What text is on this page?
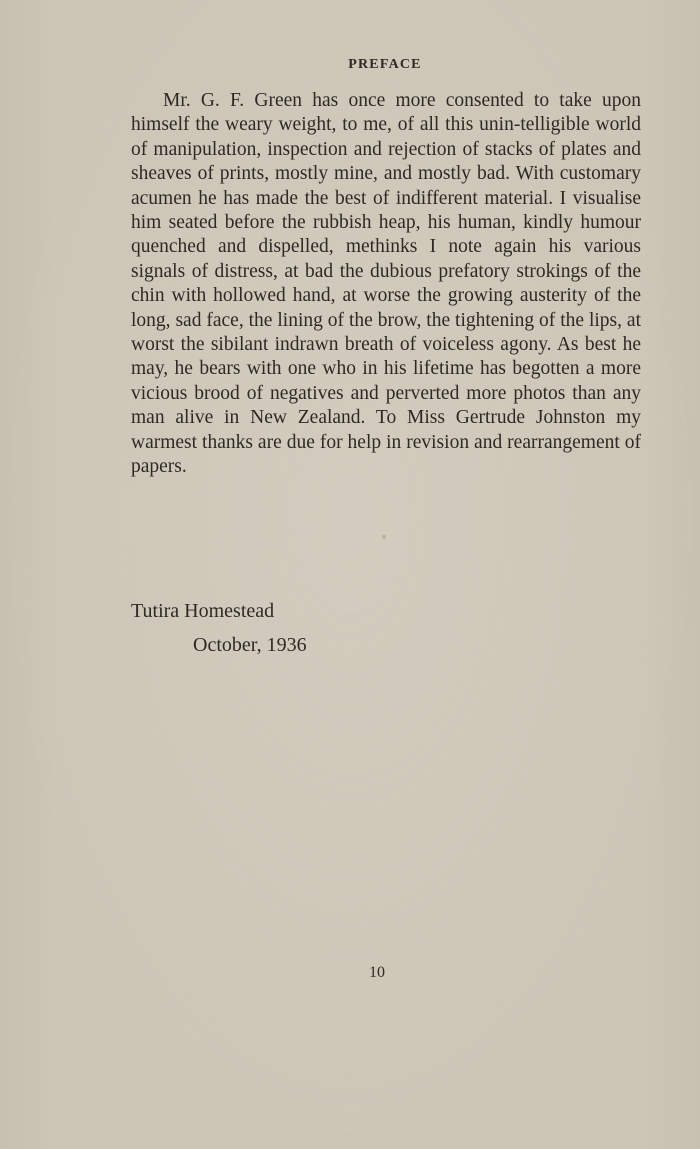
PREFACE

Mr. G. F. Green has once more consented to take upon himself the weary weight, to me, of all this unin-telligible world of manipulation, inspection and rejection of stacks of plates and sheaves of prints, mostly mine, and mostly bad. With customary acumen he has made the best of indifferent material. I visualise him seated before the rubbish heap, his human, kindly humour quenched and dispelled, methinks I note again his various signals of distress, at bad the dubious prefatory strokings of the chin with hollowed hand, at worse the growing austerity of the long, sad face, the lining of the brow, the tightening of the lips, at worst the sibilant indrawn breath of voiceless agony. As best he may, he bears with one who in his lifetime has begotten a more vicious brood of negatives and perverted more photos than any man alive in New Zealand. To Miss Gertrude Johnston my warmest thanks are due for help in revision and rearrangement of papers.

Tutira Homestead
October, 1936
10
